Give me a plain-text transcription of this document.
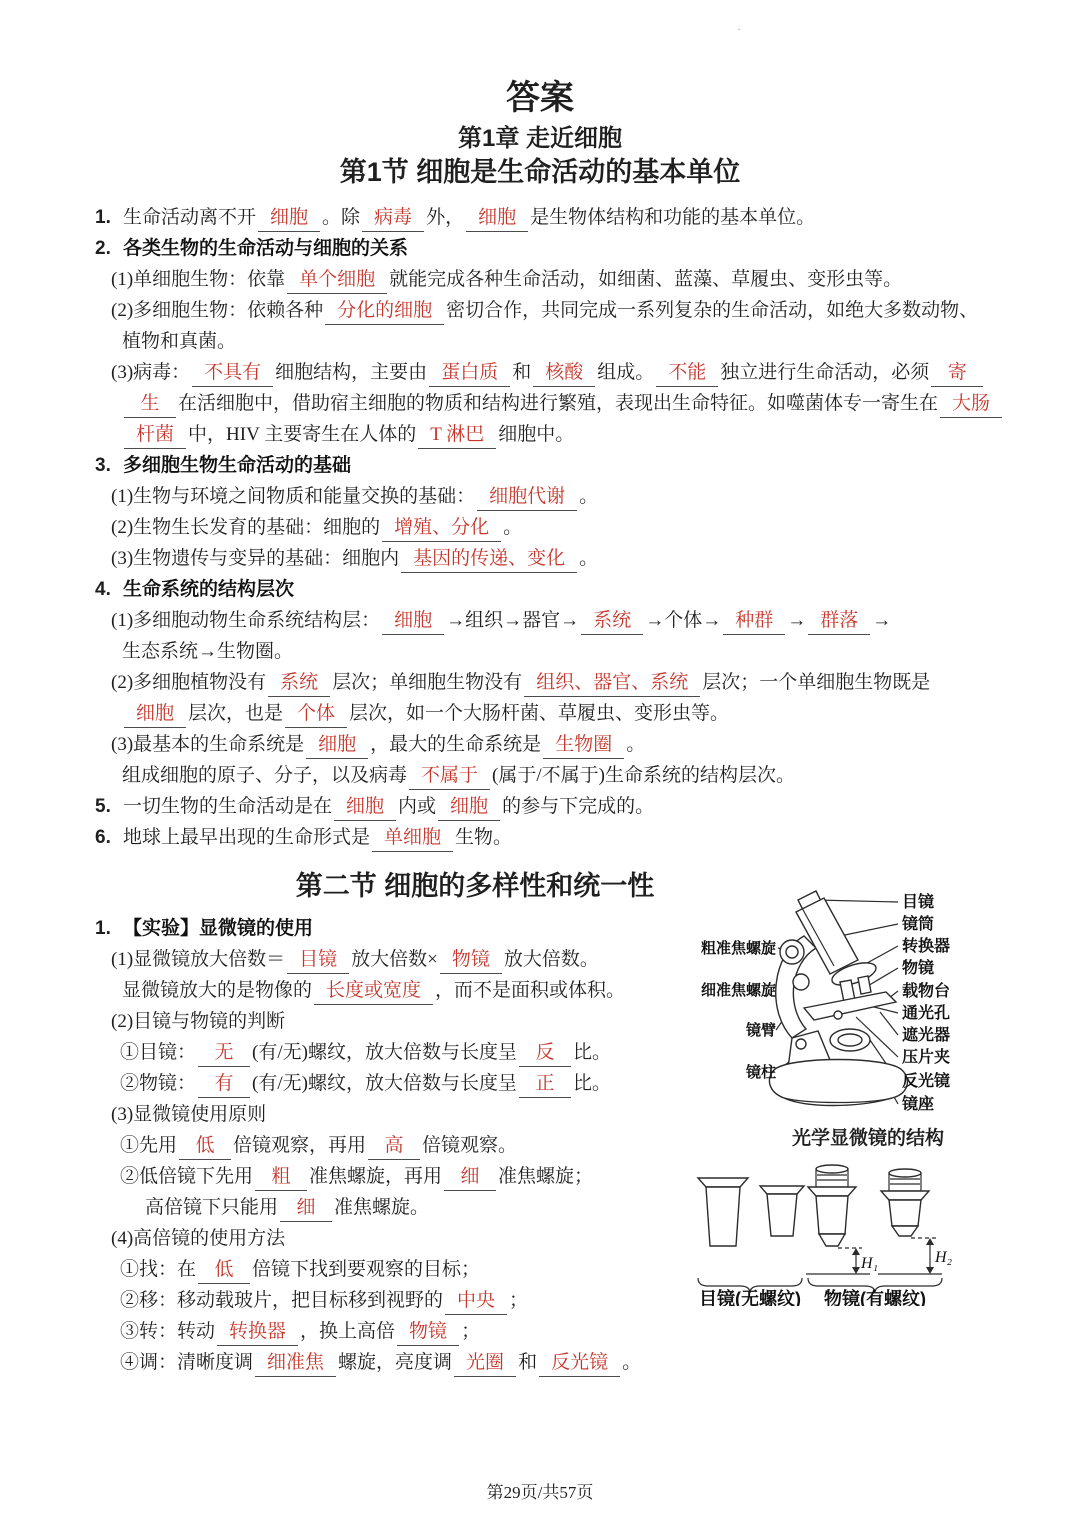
·
答案
第1章 走近细胞
第1节 细胞是生命活动的基本单位
1. 生命活动离不开 细胞 。除 病毒 外， 细胞 是生物体结构和功能的基本单位。
2. 各类生物的生命活动与细胞的关系
(1)单细胞生物：依靠 单个细胞 就能完成各种生命活动，如细菌、蓝藻、草履虫、变形虫等。
(2)多细胞生物：依赖各种 分化的细胞 密切合作，共同完成一系列复杂的生命活动，如绝大多数动物、
植物和真菌。
(3)病毒： 不具有 细胞结构，主要由 蛋白质 和 核酸 组成。 不能 独立进行生命活动，必须 寄
生 在活细胞中，借助宿主细胞的物质和结构进行繁殖，表现出生命特征。如噬菌体专一寄生在 大肠
杆菌 中，HIV 主要寄生在人体的 T 淋巴 细胞中。
3. 多细胞生物生命活动的基础
(1)生物与环境之间物质和能量交换的基础： 细胞代谢 。
(2)生物生长发育的基础：细胞的 增殖、分化 。
(3)生物遗传与变异的基础：细胞内 基因的传递、变化 。
4. 生命系统的结构层次
(1)多细胞动物生命系统结构层： 细胞 →组织→器官→ 系统 →个体→ 种群 → 群落 →
生态系统→生物圈。
(2)多细胞植物没有 系统 层次；单细胞生物没有 组织、器官、系统 层次；一个单细胞生物既是
细胞 层次，也是 个体 层次，如一个大肠杆菌、草履虫、变形虫等。
(3)最基本的生命系统是 细胞 ，最大的生命系统是 生物圈 。
组成细胞的原子、分子，以及病毒 不属于 (属于/不属于)生命系统的结构层次。
5. 一切生物的生命活动是在 细胞 内或 细胞 的参与下完成的。
6. 地球上最早出现的生命形式是 单细胞 生物。
第二节 细胞的多样性和统一性
1. 【实验】显微镜的使用
(1)显微镜放大倍数＝ 目镜 放大倍数× 物镜 放大倍数。
显微镜放大的是物像的 长度或宽度 ，而不是面积或体积。
(2)目镜与物镜的判断
①目镜： 无 (有/无)螺纹，放大倍数与长度呈 反 比。
②物镜： 有 (有/无)螺纹，放大倍数与长度呈 正 比。
(3)显微镜使用原则
①先用 低 倍镜观察，再用 高 倍镜观察。
②低倍镜下先用 粗 准焦螺旋，再用 细 准焦螺旋；
高倍镜下只能用 细 准焦螺旋。
(4)高倍镜的使用方法
①找：在 低 倍镜下找到要观察的目标；
②移：移动载玻片，把目标移到视野的 中央 ；
③转：转动 转换器 ，换上高倍 物镜 ；
④调：清晰度调 细准焦 螺旋，亮度调 光圈 和 反光镜 。
目镜
镜筒
转换器
物镜
载物台
通光孔
遮光器
压片夹
反光镜
镜座
粗准焦螺旋
细准焦螺旋
镜臂
镜柱
光学显微镜的结构
H₁	H₂
目镜(无螺纹) 物镜(有螺纹)
第29页/共57页
